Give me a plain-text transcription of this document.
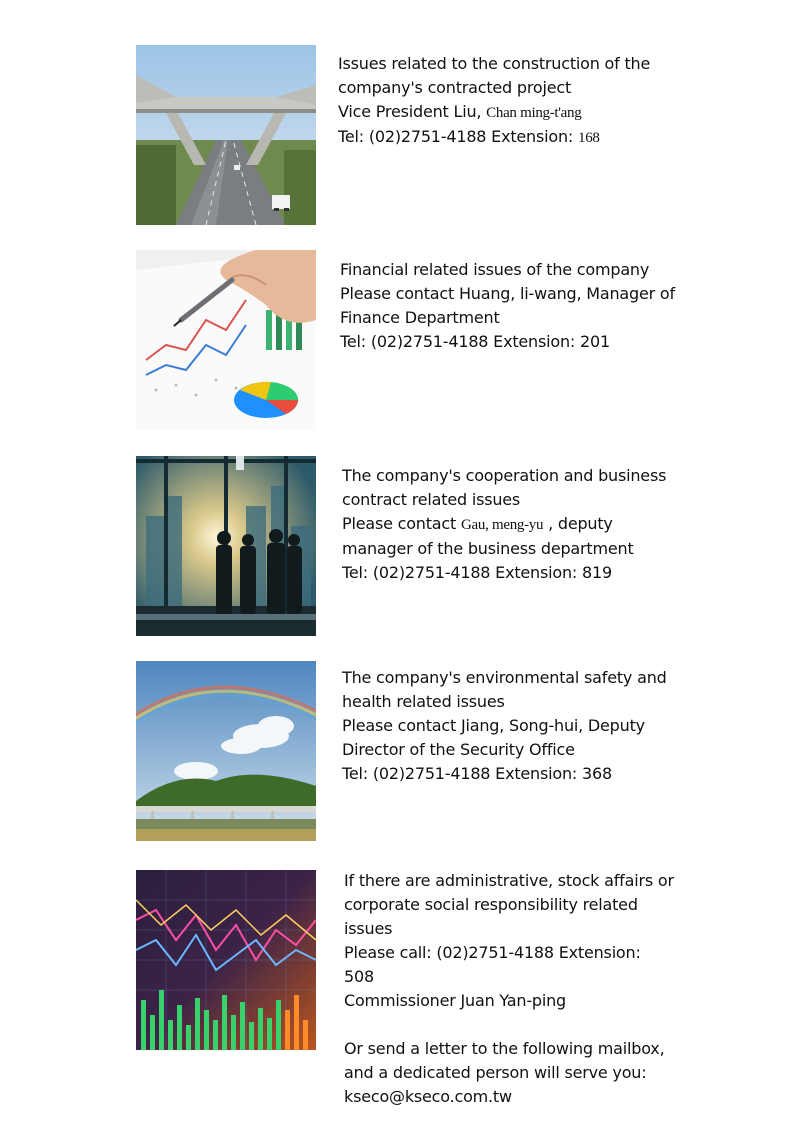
Issues related to the construction of the company's contracted project

Vice President Liu, Chan ming-t'ang

Tel: (02)2751-4188 Extension: 168

Financial related issues of the company

Please contact Huang, li-wang, Manager of Finance Department

Tel: (02)2751-4188 Extension: 201

The company's cooperation and business contract related issues

Please contact Gau, meng-yu , deputy manager of the business department

Tel: (02)2751-4188 Extension: 819

The company's environmental safety and health related issues

Please contact Jiang, Song-hui, Deputy Director of the Security Office

Tel: (02)2751-4188 Extension: 368

If there are administrative, stock affairs or corporate social responsibility related issues

Please call: (02)2751-4188 Extension: 508

Commissioner Juan Yan-ping

Or send a letter to the following mailbox, and a dedicated person will serve you:

kseco@kseco.com.tw
